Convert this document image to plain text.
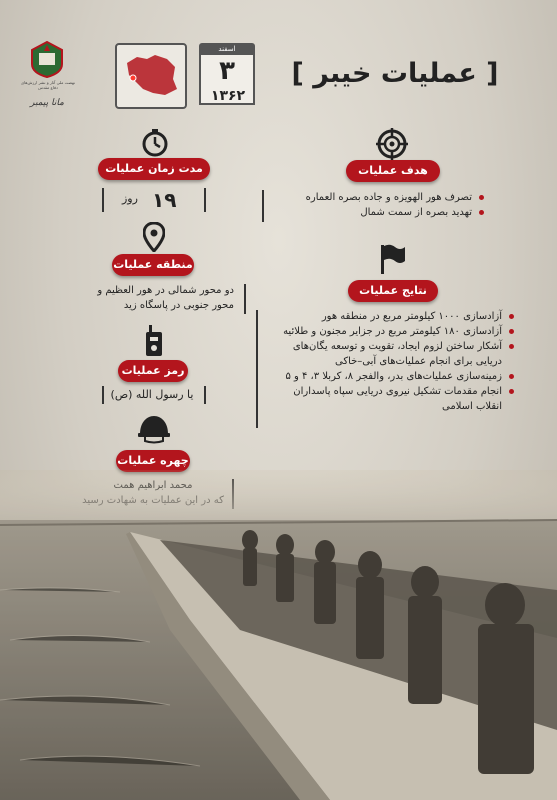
نهضت ملی آثار و نشر ارزش‌های دفاع مقدس
مانا پیمبر
اسفند
۳
۱۳۶۲
[ عملیات خیبر ]
مدت زمان عملیات
روز ۱۹
منطقه عملیات
دو محور شمالی در هور العظیم و
محور جنوبی در پاسگاه زید
رمز عملیات
یا رسول الله (ص)
چهره عملیات
هدف عملیات
تصرف هور الهویزه و جاده بصره العماره
تهدید بصره از سمت شمال
نتایج عملیات
آزادسازی ۱۰۰۰ کیلومتر مربع در منطقه هور
آزادسازی ۱۸۰ کیلومتر مربع در جزایر مجنون و طلائیه
آشکار ساختن لزوم ایجاد، تقویت و توسعه یگان‌های دریایی برای انجام عملیات‌های آبی–خاکی
زمینه‌سازی عملیات‌های بدر، والفجر ۸، کربلا ۳، ۴ و ۵
انجام مقدمات تشکیل نیروی دریایی سپاه پاسداران انقلاب اسلامی
